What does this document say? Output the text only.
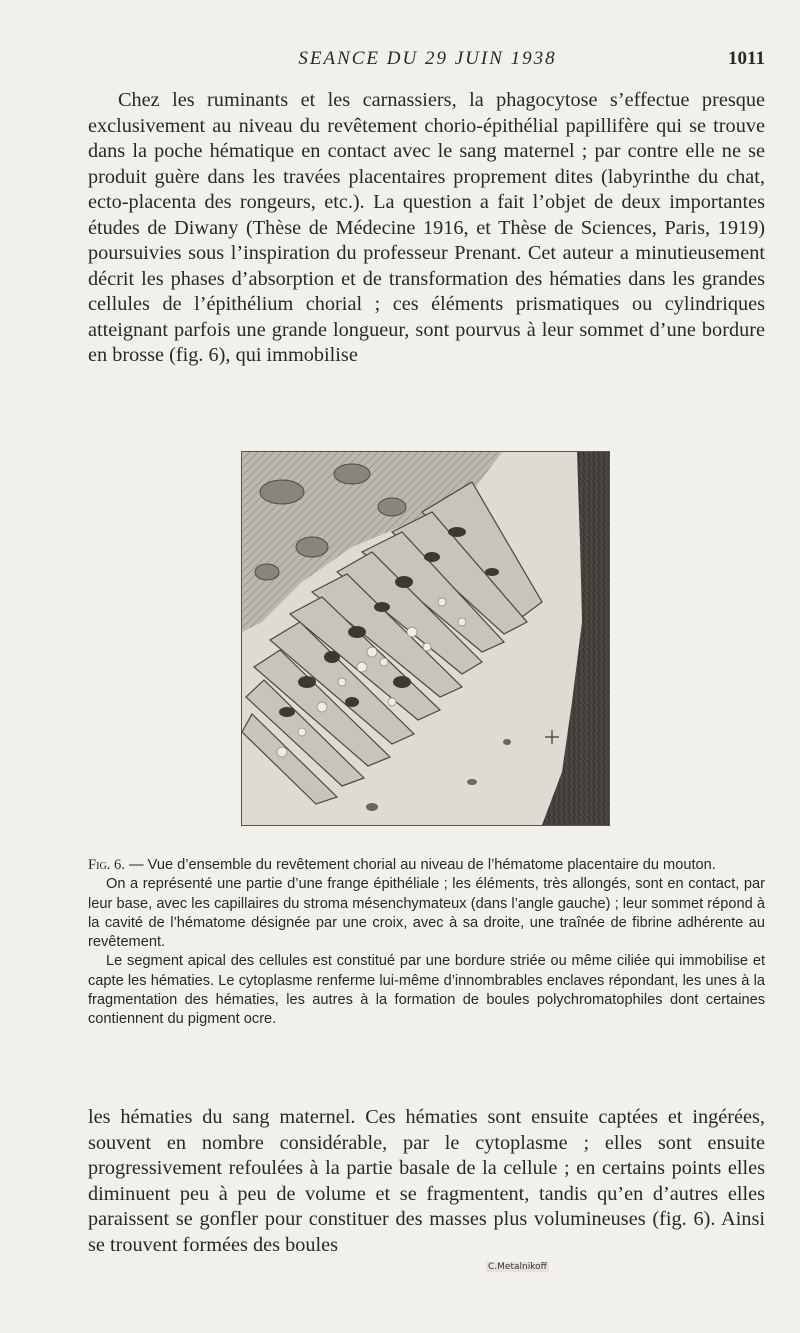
SEANCE DU 29 JUIN 1938	1011

Chez les ruminants et les carnassiers, la phagocytose s’effectue presque exclusivement au niveau du revêtement chorio-épithélial papillifère qui se trouve dans la poche hématique en contact avec le sang maternel ; par contre elle ne se produit guère dans les travées placentaires proprement dites (labyrinthe du chat, ecto-placenta des rongeurs, etc.). La question a fait l’objet de deux importantes études de Diwany (Thèse de Médecine 1916, et Thèse de Sciences, Paris, 1919) poursuivies sous l’inspiration du professeur Prenant. Cet auteur a minutieusement décrit les phases d’absorption et de transformation des hématies dans les grandes cellules de l’épithélium chorial ; ces éléments prismatiques ou cylindriques atteignant parfois une grande longueur, sont pourvus à leur sommet d’une bordure en brosse (fig. 6), qui immobilise

C.Metalnikoff

Fig. 6. — Vue d’ensemble du revêtement chorial au niveau de l’hématome placentaire du mouton.

On a représenté une partie d’une frange épithéliale ; les éléments, très allongés, sont en contact, par leur base, avec les capillaires du stroma mésenchymateux (dans l’angle gauche) ; leur sommet répond à la cavité de l’hématome désignée par une croix, avec à sa droite, une traînée de fibrine adhérente au revêtement.

Le segment apical des cellules est constitué par une bordure striée ou même ciliée qui immobilise et capte les hématies. Le cytoplasme renferme lui-même d’innombrables enclaves répondant, les unes à la fragmentation des hématies, les autres à la formation de boules polychromatophiles dont certaines contiennent du pigment ocre.

les hématies du sang maternel. Ces hématies sont ensuite captées et ingérées, souvent en nombre considérable, par le cytoplasme ; elles sont ensuite progressivement refoulées à la partie basale de la cellule ; en certains points elles diminuent peu à peu de volume et se fragmentent, tandis qu’en d’autres elles paraissent se gonfler pour constituer des masses plus volumineuses (fig. 6). Ainsi se trouvent formées des boules
